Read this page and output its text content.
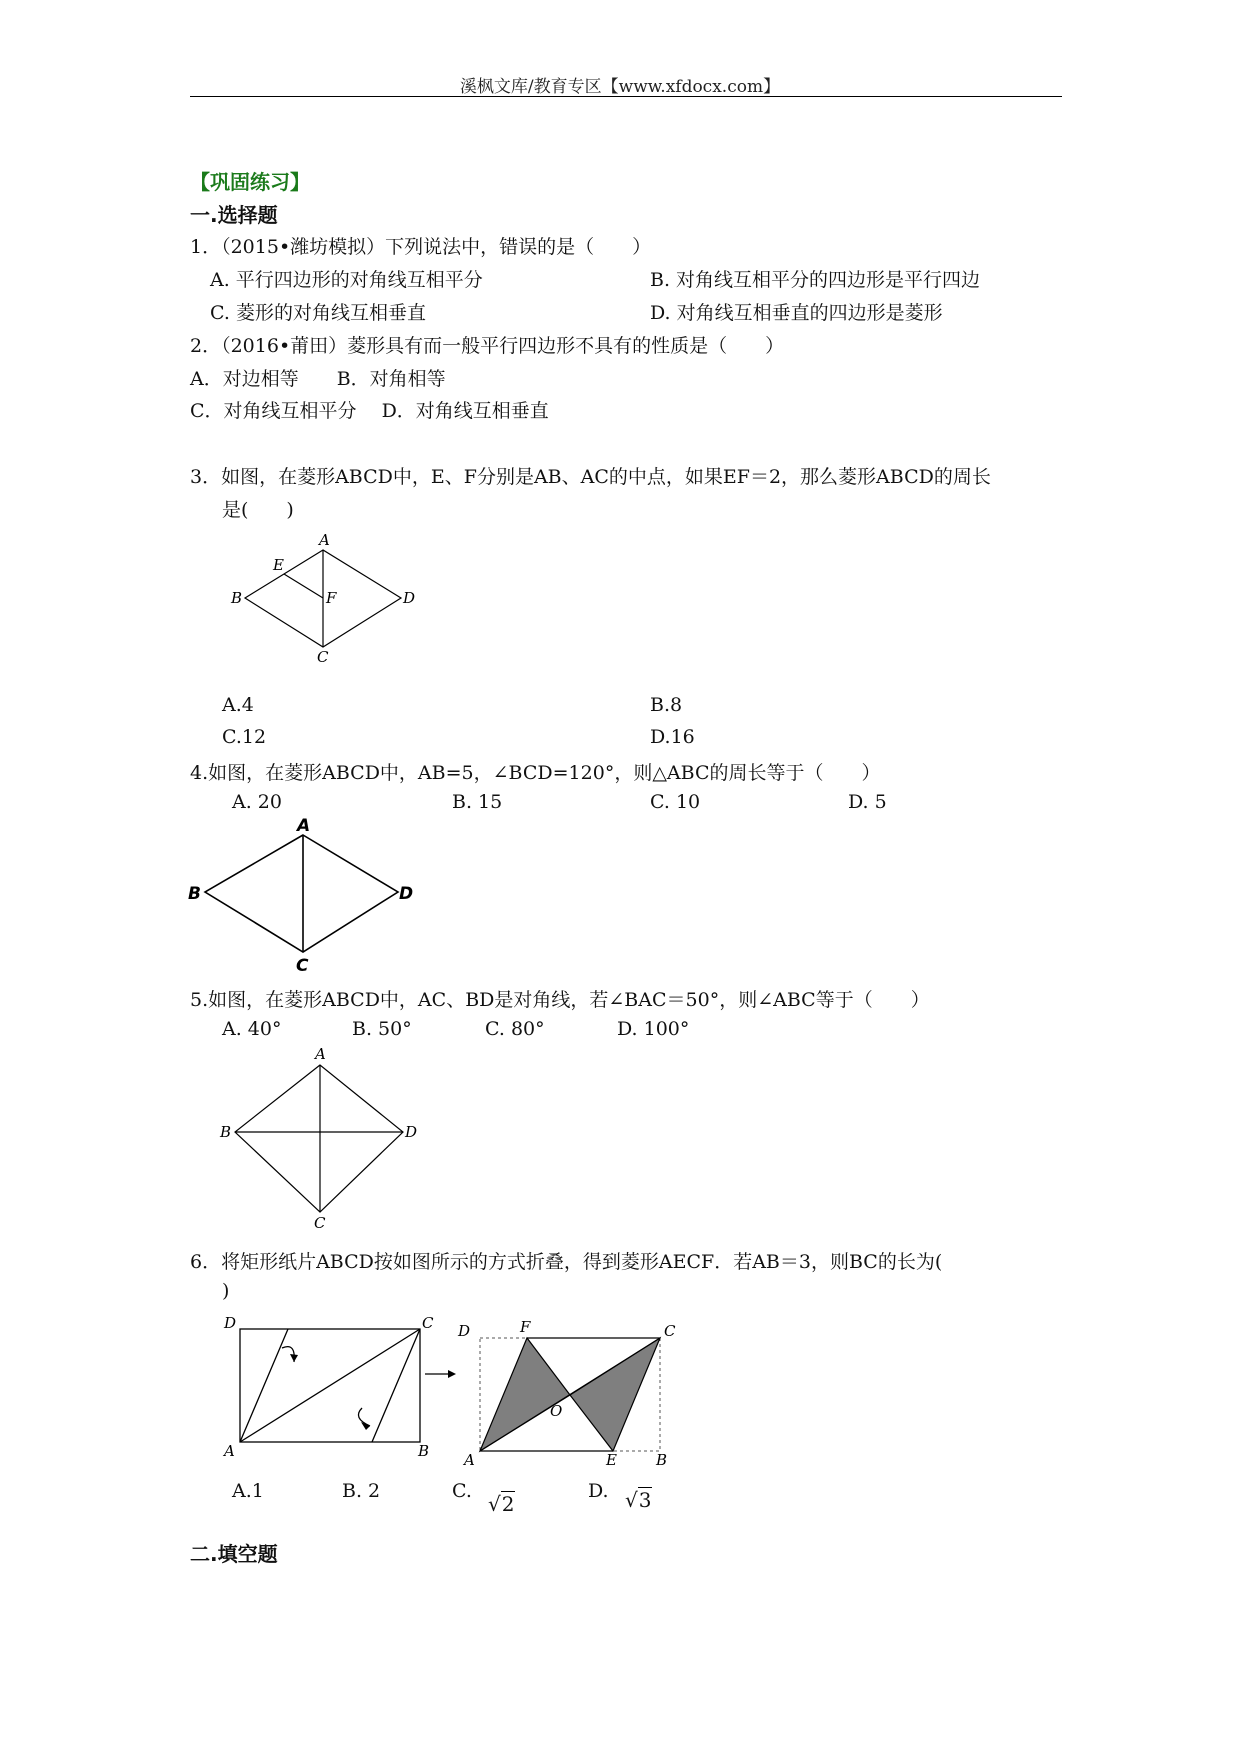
溪枫文库/教育专区【www.xfdocx.com】
【巩固练习】
一.选择题
1．（2015•潍坊模拟）下列说法中，错误的是（　　）
A. 平行四边形的对角线互相平分	B. 对角线互相平分的四边形是平行四边
C. 菱形的对角线互相垂直	D. 对角线互相垂直的四边形是菱形
2．（2016•莆田）菱形具有而一般平行四边形不具有的性质是（　　）
A．对边相等　　B．对角相等
C．对角线互相平分　 D．对角线互相垂直
3．如图，在菱形ABCD中，E、F分别是AB、AC的中点，如果EF＝2，那么菱形ABCD的周长
是(　　)
A
E
B	F	D
C
A.4	B.8
C.12	D.16
4.如图，在菱形ABCD中，AB=5，∠BCD=120°，则△ABC的周长等于（　　）
A. 20	B. 15	C. 10	D. 5
A
B	D
C
5.如图，在菱形ABCD中，AC、BD是对角线，若∠BAC＝50°，则∠ABC等于（　　）
A. 40°	B. 50°	C. 80°	D. 100°
A
B	D
C
6．将矩形纸片ABCD按如图所示的方式折叠，得到菱形AECF．若AB＝3，则BC的长为(
)
D	C
A	B
D	F	C
O
A	E	B
A.1	B. 2	C.
√2
D. √3
二.填空题
